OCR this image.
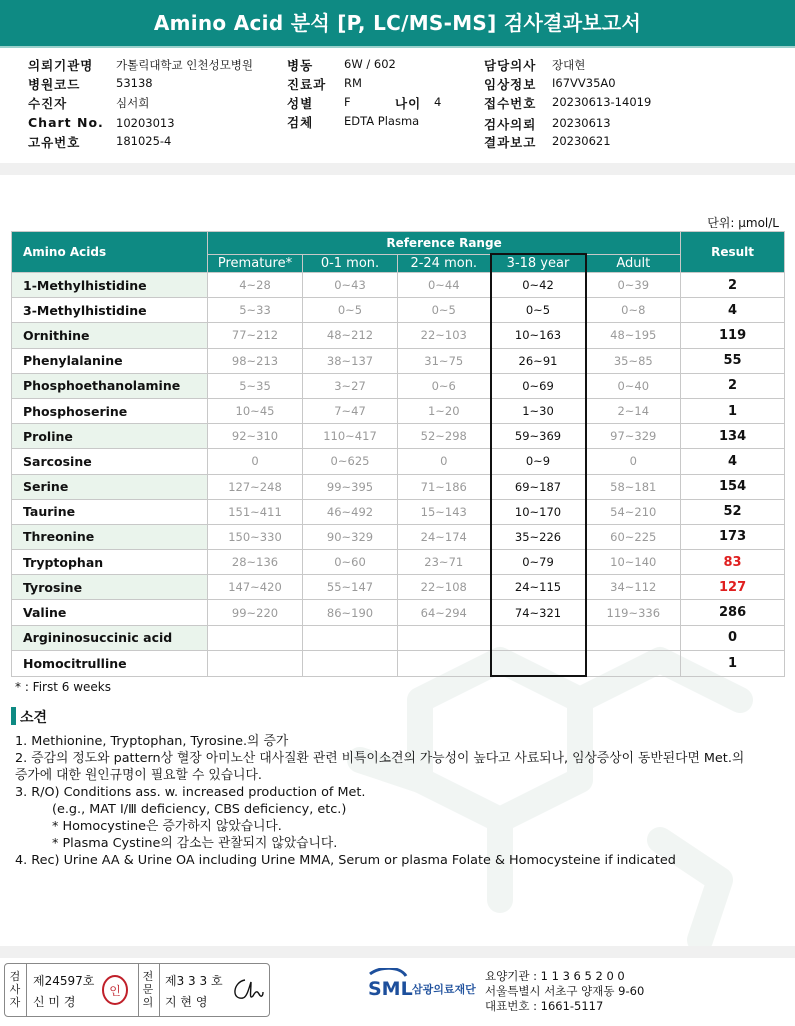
Amino Acid 분석 [P, LC/MS-MS] 검사결과보고서
의뢰기관명 가톨릭대학교 인천성모병원
병원코드	53138
수진자	심서희
Chart No. 10203013
고유번호	181025-4
병동	6W / 602
진료과 RM
성별	F	나이 4
검체	EDTA Plasma
담당의사 장대현
임상정보 I67VV35A0
접수번호 20230613-14019
검사의뢰 20230613
결과보고 20230621
단위: μmol/L
Amino Acids	Reference Range					Result
	Premature*	0-1 mon.	2-24 mon.	3-18 year	Adult	
1-Methylhistidine	4~28	0~43	0~44	0~42	0~39	2
3-Methylhistidine	5~33	0~5	0~5	0~5	0~8	4
Ornithine	77~212	48~212	22~103	10~163	48~195	119
Phenylalanine	98~213	38~137	31~75	26~91	35~85	55
Phosphoethanolamine	5~35	3~27	0~6	0~69	0~40	2
Phosphoserine	10~45	7~47	1~20	1~30	2~14	1
Proline	92~310	110~417	52~298	59~369	97~329	134
Sarcosine	0	0~625	0	0~9	0	4
Serine	127~248	99~395	71~186	69~187	58~181	154
Taurine	151~411	46~492	15~143	10~170	54~210	52
Threonine	150~330	90~329	24~174	35~226	60~225	173
Tryptophan	28~136	0~60	23~71	0~79	10~140	83
Tyrosine	147~420	55~147	22~108	24~115	34~112	127
Valine	99~220	86~190	64~294	74~321	119~336	286
Argininosuccinic acid						0
Homocitrulline						1
* : First 6 weeks
소견
1. Methionine, Tryptophan, Tyrosine.의 증가
2. 증감의 정도와 pattern상 혈장 아미노산 대사질환 관련 비특이소견의 가능성이 높다고 사료되나, 임상증상이 동반된다면 Met.의
증가에 대한 원인규명이 필요할 수 있습니다.
3. R/O) Conditions ass. w. increased production of Met.
(e.g., MAT Ⅰ/Ⅲ deficiency, CBS deficiency, etc.)
* Homocystine은 증가하지 않았습니다.
* Plasma Cystine의 감소는 관찰되지 않았습니다.
4. Rec) Urine AA & Urine OA including Urine MMA, Serum or plasma Folate & Homocysteine if indicated
검
사
자
제24597호
신 미 경
인
전
문
의
제3 3 3 호
지 현 영
SML 삼광의료재단
요양기관 : 1 1 3 6 5 2 0 0
서울특별시 서초구 양재동 9-60
대표번호 : 1661-5117
